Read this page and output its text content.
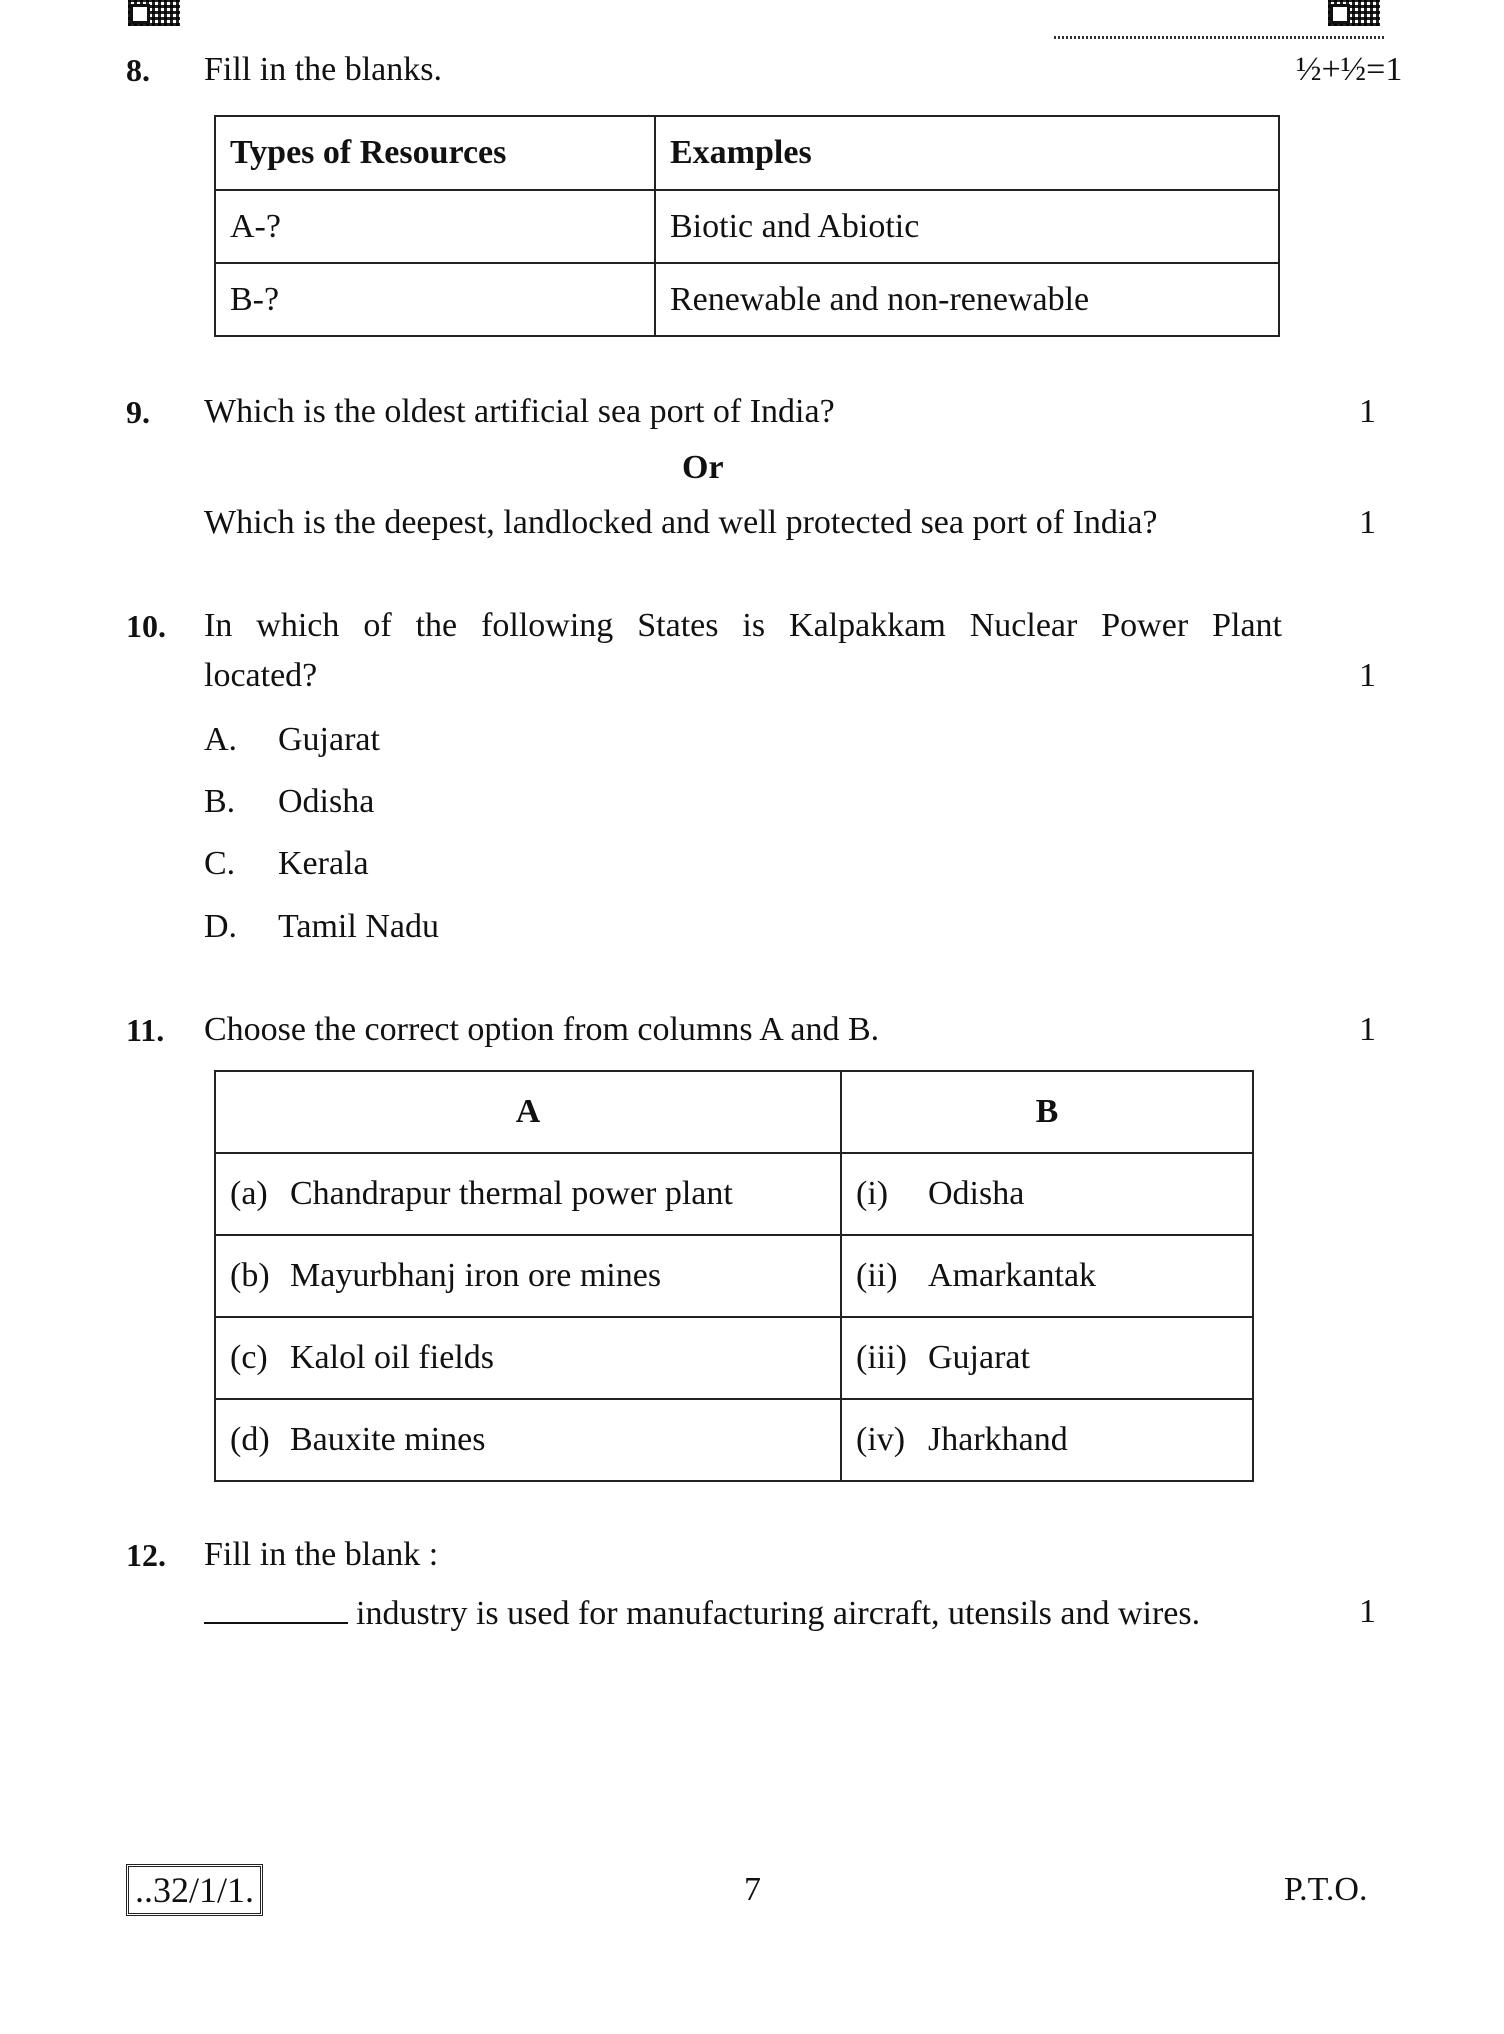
8. Fill in the blanks.	½+½=1
Types of Resources	Examples
A-?	Biotic and Abiotic
B-?	Renewable and non-renewable
9. Which is the oldest artificial sea port of India?	1
Or
Which is the deepest, landlocked and well protected sea port of India?	1
10. In which of the following States is Kalpakkam Nuclear Power Plant
located?	1
A. Gujarat
B. Odisha
C. Kerala
D. Tamil Nadu
11. Choose the correct option from columns A and B.	1
A	B
(a) Chandrapur thermal power plant	(i) Odisha
(b) Mayurbhanj iron ore mines	(ii) Amarkantak
(c) Kalol oil fields	(iii) Gujarat
(d) Bauxite mines	(iv) Jharkhand
12. Fill in the blank :
industry is used for manufacturing aircraft, utensils and wires.	1
..32/1/1.	7	P.T.O.
